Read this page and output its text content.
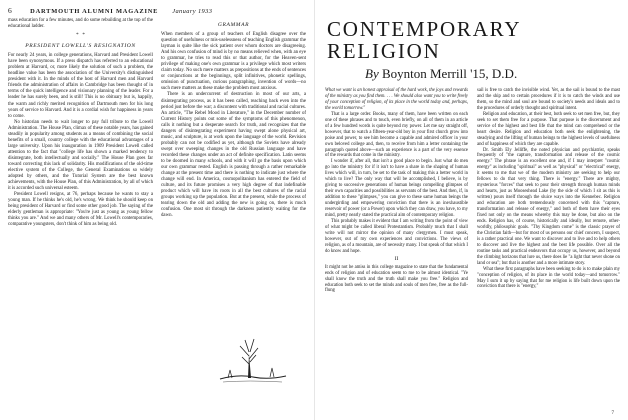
6	DARTMOUTH ALUMNI MAGAZINE January 1933

mass education for a few minutes, and do some rebuilding at the top of the educational ladder.

*   *
PRESIDENT LOWELL'S RESIGNATION

For nearly 24 years, in college generations, Harvard and President Lowell have been synonymous. If a press dispatch has referred to an educational problem at Harvard, or, more likely the solution of such a problem, the headline value has been the association of the University's distinguished president with it. In the minds of the host of Harvard men and Harvard friends the administration of affairs in Cambridge has been thought of in terms of the quick intelligence and visionary planning of the leader. For a leader he has surely been, and is still! This is no obituary but is, happily, the warm and richly merited recognition of Dartmouth men for his long years of service to Harvard. And it is a cordial wish for happiness in years to come.

No historian needs to wait longer to pay full tribute to the Lowell Administration. The House Plan, climax of these notable years, has gained steadily in popularity among students as a means of combining the social benefits of a small, country college with the educational advantages of a large university. Upon his inauguration in 1909 President Lowell called attention to the fact that "college life has shown a marked tendency to disintegrate, both intellectually and socially." The House Plan goes far toward correcting this lack of solidarity. His modifications of the old-time elective system of the College, the General Examinations so widely adopted by others, and the Tutorial System are the best known achievements, with the House Plan, of this Administration, by all of which it is accorded such universal esteem.

President Lowell resigns, at 76, perhaps because he wants to stay a young man. If he thinks he's old, he's wrong. We think he should keep on being president of Harvard or find some other good job. The saying of the elderly gentleman is appropriate: "You're just as young as young fellow thinks you are." And we and many others of Mr. Lowell's contemporaries, comparative youngsters, don't think of him as being old.

GRAMMAR

When members of a group of teachers of English disagree over the question of usefulness or mis-uselessness of teaching English grammar the layman is quite like the sick patient over whom doctors are disagreeing. And his own confusion of mind is by no means relieved when, with an eye to grammar, he tries to read this or that author, for the Heaven-sent privilege of making one's own grammar is a privilege which most writers claim today. No such mere matters as prepositions at the ends of sentences or conjunctions at the beginnings, split infinitives, phonetic spellings, omission of punctuation, curious paragraphing, invention of words—no such mere matters as these make the problem most anxious.

There is an undercurrent of destruction in most of our arts, a disintegrating process, as it has been called, reaching back even into the period just before the war; a discontent with traditional and racial cultures. An article, "The Rebel Mood in Literature," in the December number of Current History points out some of the symptoms of this phenomenon, calls it nothing but a desperate search for truth, and recognizes that the dangers of disintegrating experiment having swept alone physical art, music, and sculpture, is at work upon the language of the world. Revision probably can not be codified as yet, although the Soviets have already swept over sweeping changes in the old Russian language and have recorded these changes under an act of definite specification. Latin seems to be doomed in many schools, and with it will go the basis upon which our own grammar rested. English is passing through a rather remarkable change at the present time and there is nothing to indicate just where the change will end. In America, cosmopolitanism has entered the field of culture, and its future promises a very high degree of that indefinable product which will have its roots in all the best cultures of the racial groups working up the population. But at the present, while the process of tearing down the old and adding the new is going on, there is much confusion. One most sit through the darkness patiently waiting for the dawn.

CONTEMPORARY RELIGION
By Boynton Merrill '15, D.D.

What we want is an honest appraisal of the hard work, the joys and rewards of the ministry as you find them. . . . We should also want you to write freely of your conception of religion, of its place in the world today and, perhaps, the world tomorrow."

That is a large order. Books, many of them, have been written on each one of these phrases and to touch, even briefly, on all of them in an article of a few hundred words is quite beyond my power. Let me say straight off, however, that to watch a fifteen-year-old boy in your first church grow into poise and power, to see him become a capable and admired officer in your own beloved college and, then, to receive from him a letter containing the paragraph quoted above—such an experience is a part of the very essence of the rewards that come in the ministry.

I wonder if, after all, that isn't a good place to begin. Just what do men go into the ministry for if it isn't to have a share in the shaping of human lives which will, in turn, be set to the task of making this a better world in which to live? The only way that will be accomplished, I believe, is by giving to successive generations of human beings compelling glimpses of their own capacities and possibilities as servants of the best. And then, if, in addition to these "glimpses," you can give to these same human beings the undergirding and empowering conviction that there is an inexhaustible reservoir of power (or a Power) upon which they can draw, you have, to my mind, pretty nearly stated the practical aim of contemporary religion.

This probably makes it evident that I am writing from the point of view of what might be called liberal Protestantism. Probably much that I shall write will not mirror the opinion of many clergymen. I must speak, however, out of my own experiences and convictions. The views of religion, as of a mountain, are of necessity many. I but speak of that which I do know and hope.

II

It might not be amiss in this college magazine to state that the fundamental ends of religion and of education seem to me to be almost identical. "Ye shall know the truth and the truth shall make you free." Religion and education both seek to set the minds and souls of men free, free as the full-flung

sail is free to catch the invisible wind. Yet, as the sail is bound to the mast and the ship and to certain procedures if it is to catch the winds and use them, so the mind and soul are bound to society's needs and ideals and to the procedures of orderly thought and spiritual intent.

Religion and education, at their best, both seek to set men free, but, they seek to set them free for a purpose. That purpose is the discernment and service of the highest and best life that the mind can comprehend or the heart desire. Religion and education both seek the enlightening, the steadying and the lifting of human beings to the highest levels of usefulness and of happiness of which they are capable.

Dr. Smith Ely Jelliffe, the noted physician and psychiatrist, speaks frequently of "the capture, transformation and release of the cosmic energy." The phrase is an excellent one and, if I may interpret "cosmic energy" as including "spiritual" as well as "physical" or "electrical" energy, it seems to me that we of the modern ministry are seeking to help our fellows to do that very thing. There is "energy." There are mighty, mysterious "forces" that seek to pour their strength through human minds and hearts, just as Mooseshead Lake (by the side of which I sit as this is written) pours itself through the sluice ways into the Kennebec. Religion and education are both tremendously concerned with this "capture, transformation and release of energy," and both of them have their eyes fixed not only on the means whereby this may be done, but also on the ends. Religion has, of course, historically and ideally, but remote, other-worldly, philosophic goals. "Thy Kingdom come" is the classic prayer of the Christian faith—but for most of us persons our chief concern, I suspect, is a rather practical one. We want to discover and to live and to help others to discover and live the highest and the best life possible. Over all the routine tasks and practical endeavors that occupy us, however, and beyond the climbing horizons that lure us, there does lie "a light that never shone on land or sea"; but that is another and a more intimate story.

What these first paragraphs have been seeking to do is to make plain my "conception of religion, of its place in the world today—and tomorrow." May I sum it up by saying that for me religion is life built down upon the conviction that there is "energy,"

7
